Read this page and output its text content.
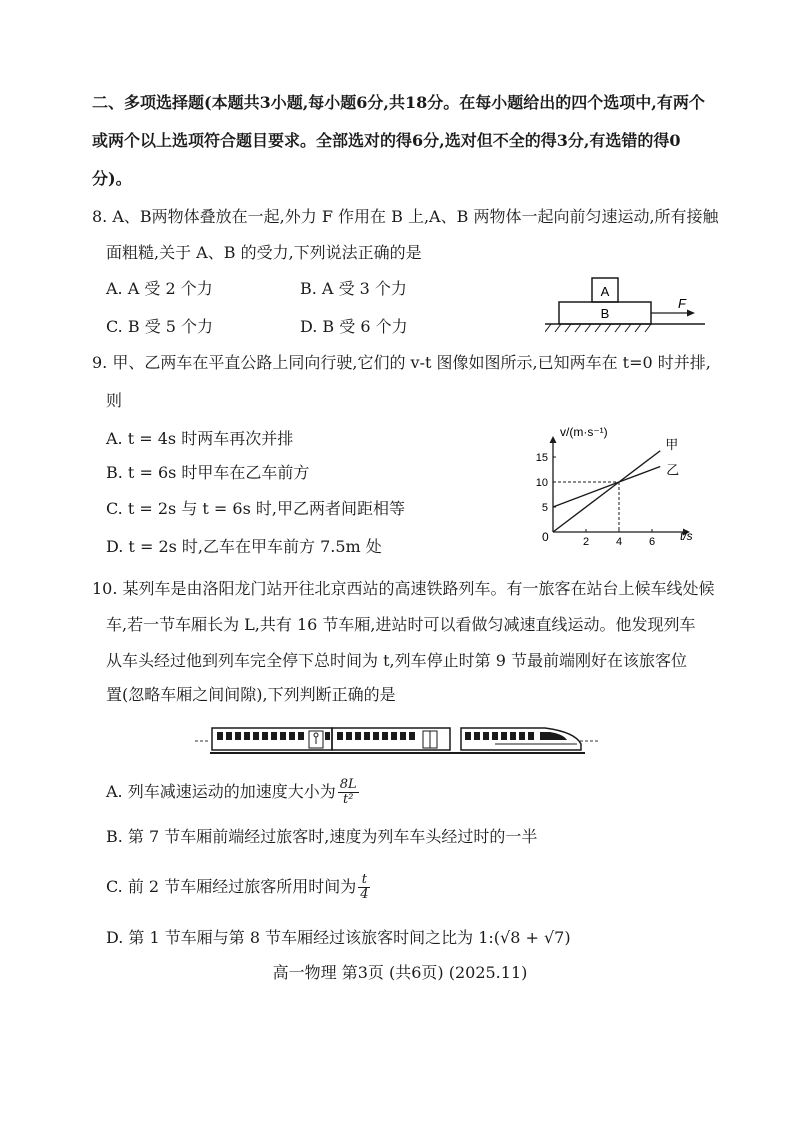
二、多项选择题(本题共3小题,每小题6分,共18分。在每小题给出的四个选项中,有两个
或两个以上选项符合题目要求。全部选对的得6分,选对但不全的得3分,有选错的得0
分)。
8. A、B两物体叠放在一起,外力 F 作用在 B 上,A、B 两物体一起向前匀速运动,所有接触
面粗糙,关于 A、B 的受力,下列说法正确的是
A. A 受 2 个力	B. A 受 3 个力
C. B 受 5 个力	D. B 受 6 个力
A
B
F
9. 甲、乙两车在平直公路上同向行驶,它们的 v-t 图像如图所示,已知两车在 t=0 时并排,
则
A. t = 4s 时两车再次并排
B. t = 6s 时甲车在乙车前方
C. t = 2s 与 t = 6s 时,甲乙两者间距相等
D. t = 2s 时,乙车在甲车前方 7.5m 处	2 4 6
5
10
15
甲
乙
v/(m·s⁻¹)
t/s
0
10. 某列车是由洛阳龙门站开往北京西站的高速铁路列车。有一旅客在站台上候车线处候
车,若一节车厢长为 L,共有 16 节车厢,进站时可以看做匀减速直线运动。他发现列车
从车头经过他到列车完全停下总时间为 t,列车停止时第 9 节最前端刚好在该旅客位
置(忽略车厢之间间隙),下列判断正确的是
A. 列车减速运动的加速度大小为 $\frac{8L}{\text{t²}}$
B. 第 7 节车厢前端经过旅客时,速度为列车车头经过时的一半
C. 前 2 节车厢经过旅客所用时间为 $\frac{t}{4}$
D. 第 1 节车厢与第 8 节车厢经过该旅客时间之比为 1:(√8 + √7)
高一物理 第3页 (共6页) (2025.11)
